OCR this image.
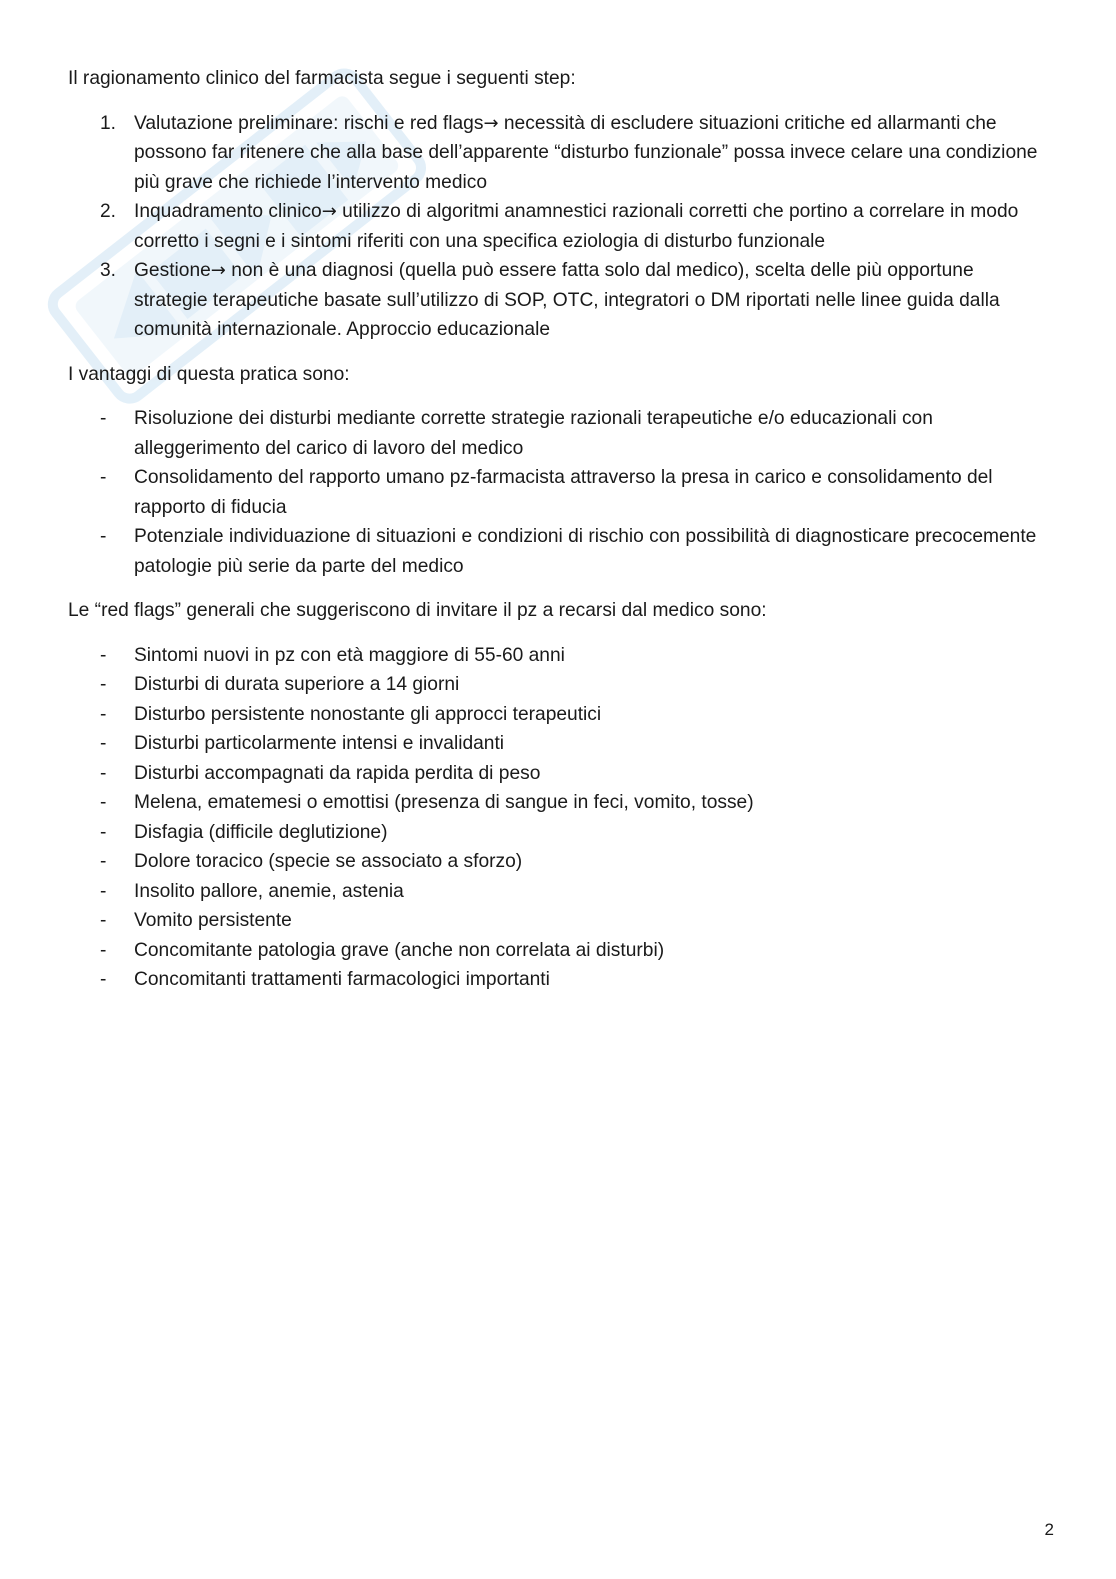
Il ragionamento clinico del farmacista segue i seguenti step:

1. Valutazione preliminare: rischi e red flags→ necessità di escludere situazioni critiche ed allarmanti che possono far ritenere che alla base dell’apparente “disturbo funzionale” possa invece celare una condizione più grave che richiede l’intervento medico
2. Inquadramento clinico→ utilizzo di algoritmi anamnestici razionali corretti che portino a correlare in modo corretto i segni e i sintomi riferiti con una specifica eziologia di disturbo funzionale
3. Gestione→ non è una diagnosi (quella può essere fatta solo dal medico), scelta delle più opportune strategie terapeutiche basate sull’utilizzo di SOP, OTC, integratori o DM riportati nelle linee guida dalla comunità internazionale. Approccio educazionale

I vantaggi di questa pratica sono:

- Risoluzione dei disturbi mediante corrette strategie razionali terapeutiche e/o educazionali con alleggerimento del carico di lavoro del medico
- Consolidamento del rapporto umano pz-farmacista attraverso la presa in carico e consolidamento del rapporto di fiducia
- Potenziale individuazione di situazioni e condizioni di rischio con possibilità di diagnosticare precocemente patologie più serie da parte del medico

Le “red flags” generali che suggeriscono di invitare il pz a recarsi dal medico sono:

- Sintomi nuovi in pz con età maggiore di 55-60 anni
- Disturbi di durata superiore a 14 giorni
- Disturbo persistente nonostante gli approcci terapeutici
- Disturbi particolarmente intensi e invalidanti
- Disturbi accompagnati da rapida perdita di peso
- Melena, ematemesi o emottisi (presenza di sangue in feci, vomito, tosse)
- Disfagia (difficile deglutizione)
- Dolore toracico (specie se associato a sforzo)
- Insolito pallore, anemie, astenia
- Vomito persistente
- Concomitante patologia grave (anche non correlata ai disturbi)
- Concomitanti trattamenti farmacologici importanti
2
